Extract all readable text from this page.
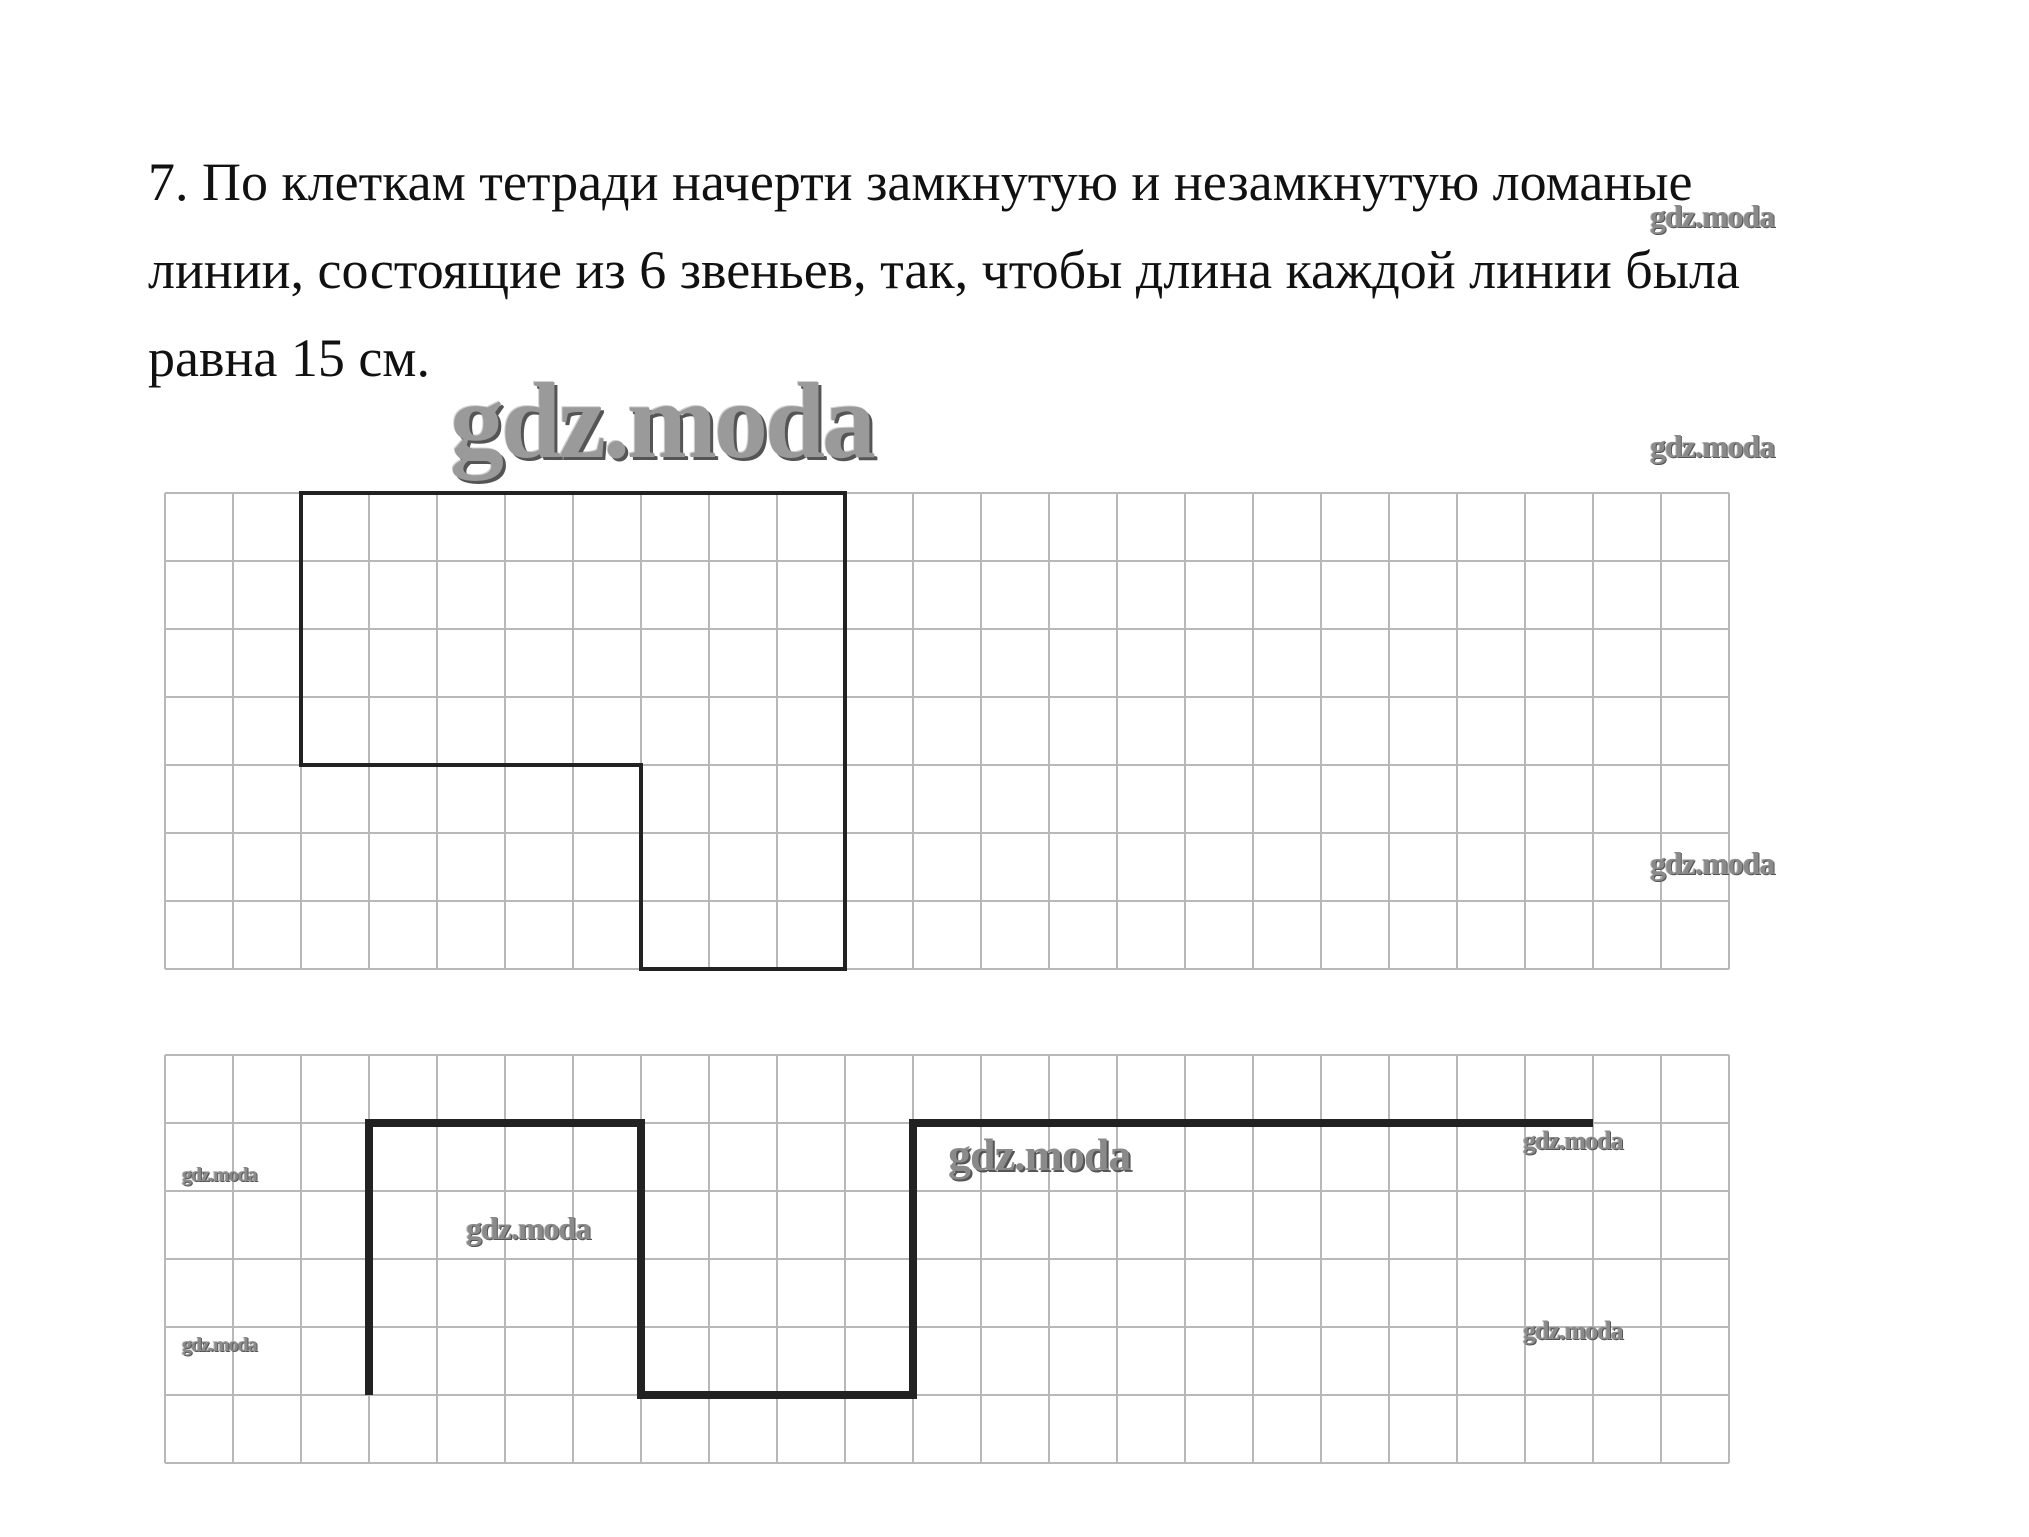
7. По клеткам тетради начерти замкнутую и незамкнутую ломаные
линии, состоящие из 6 звеньев, так, чтобы длина каждой линии была
равна 15 см.
gdz.moda
gdz.moda
gdz.moda
gdz.moda
gdz.moda
gdz.moda
gdz.moda
gdz.moda
gdz.moda
gdz.moda
